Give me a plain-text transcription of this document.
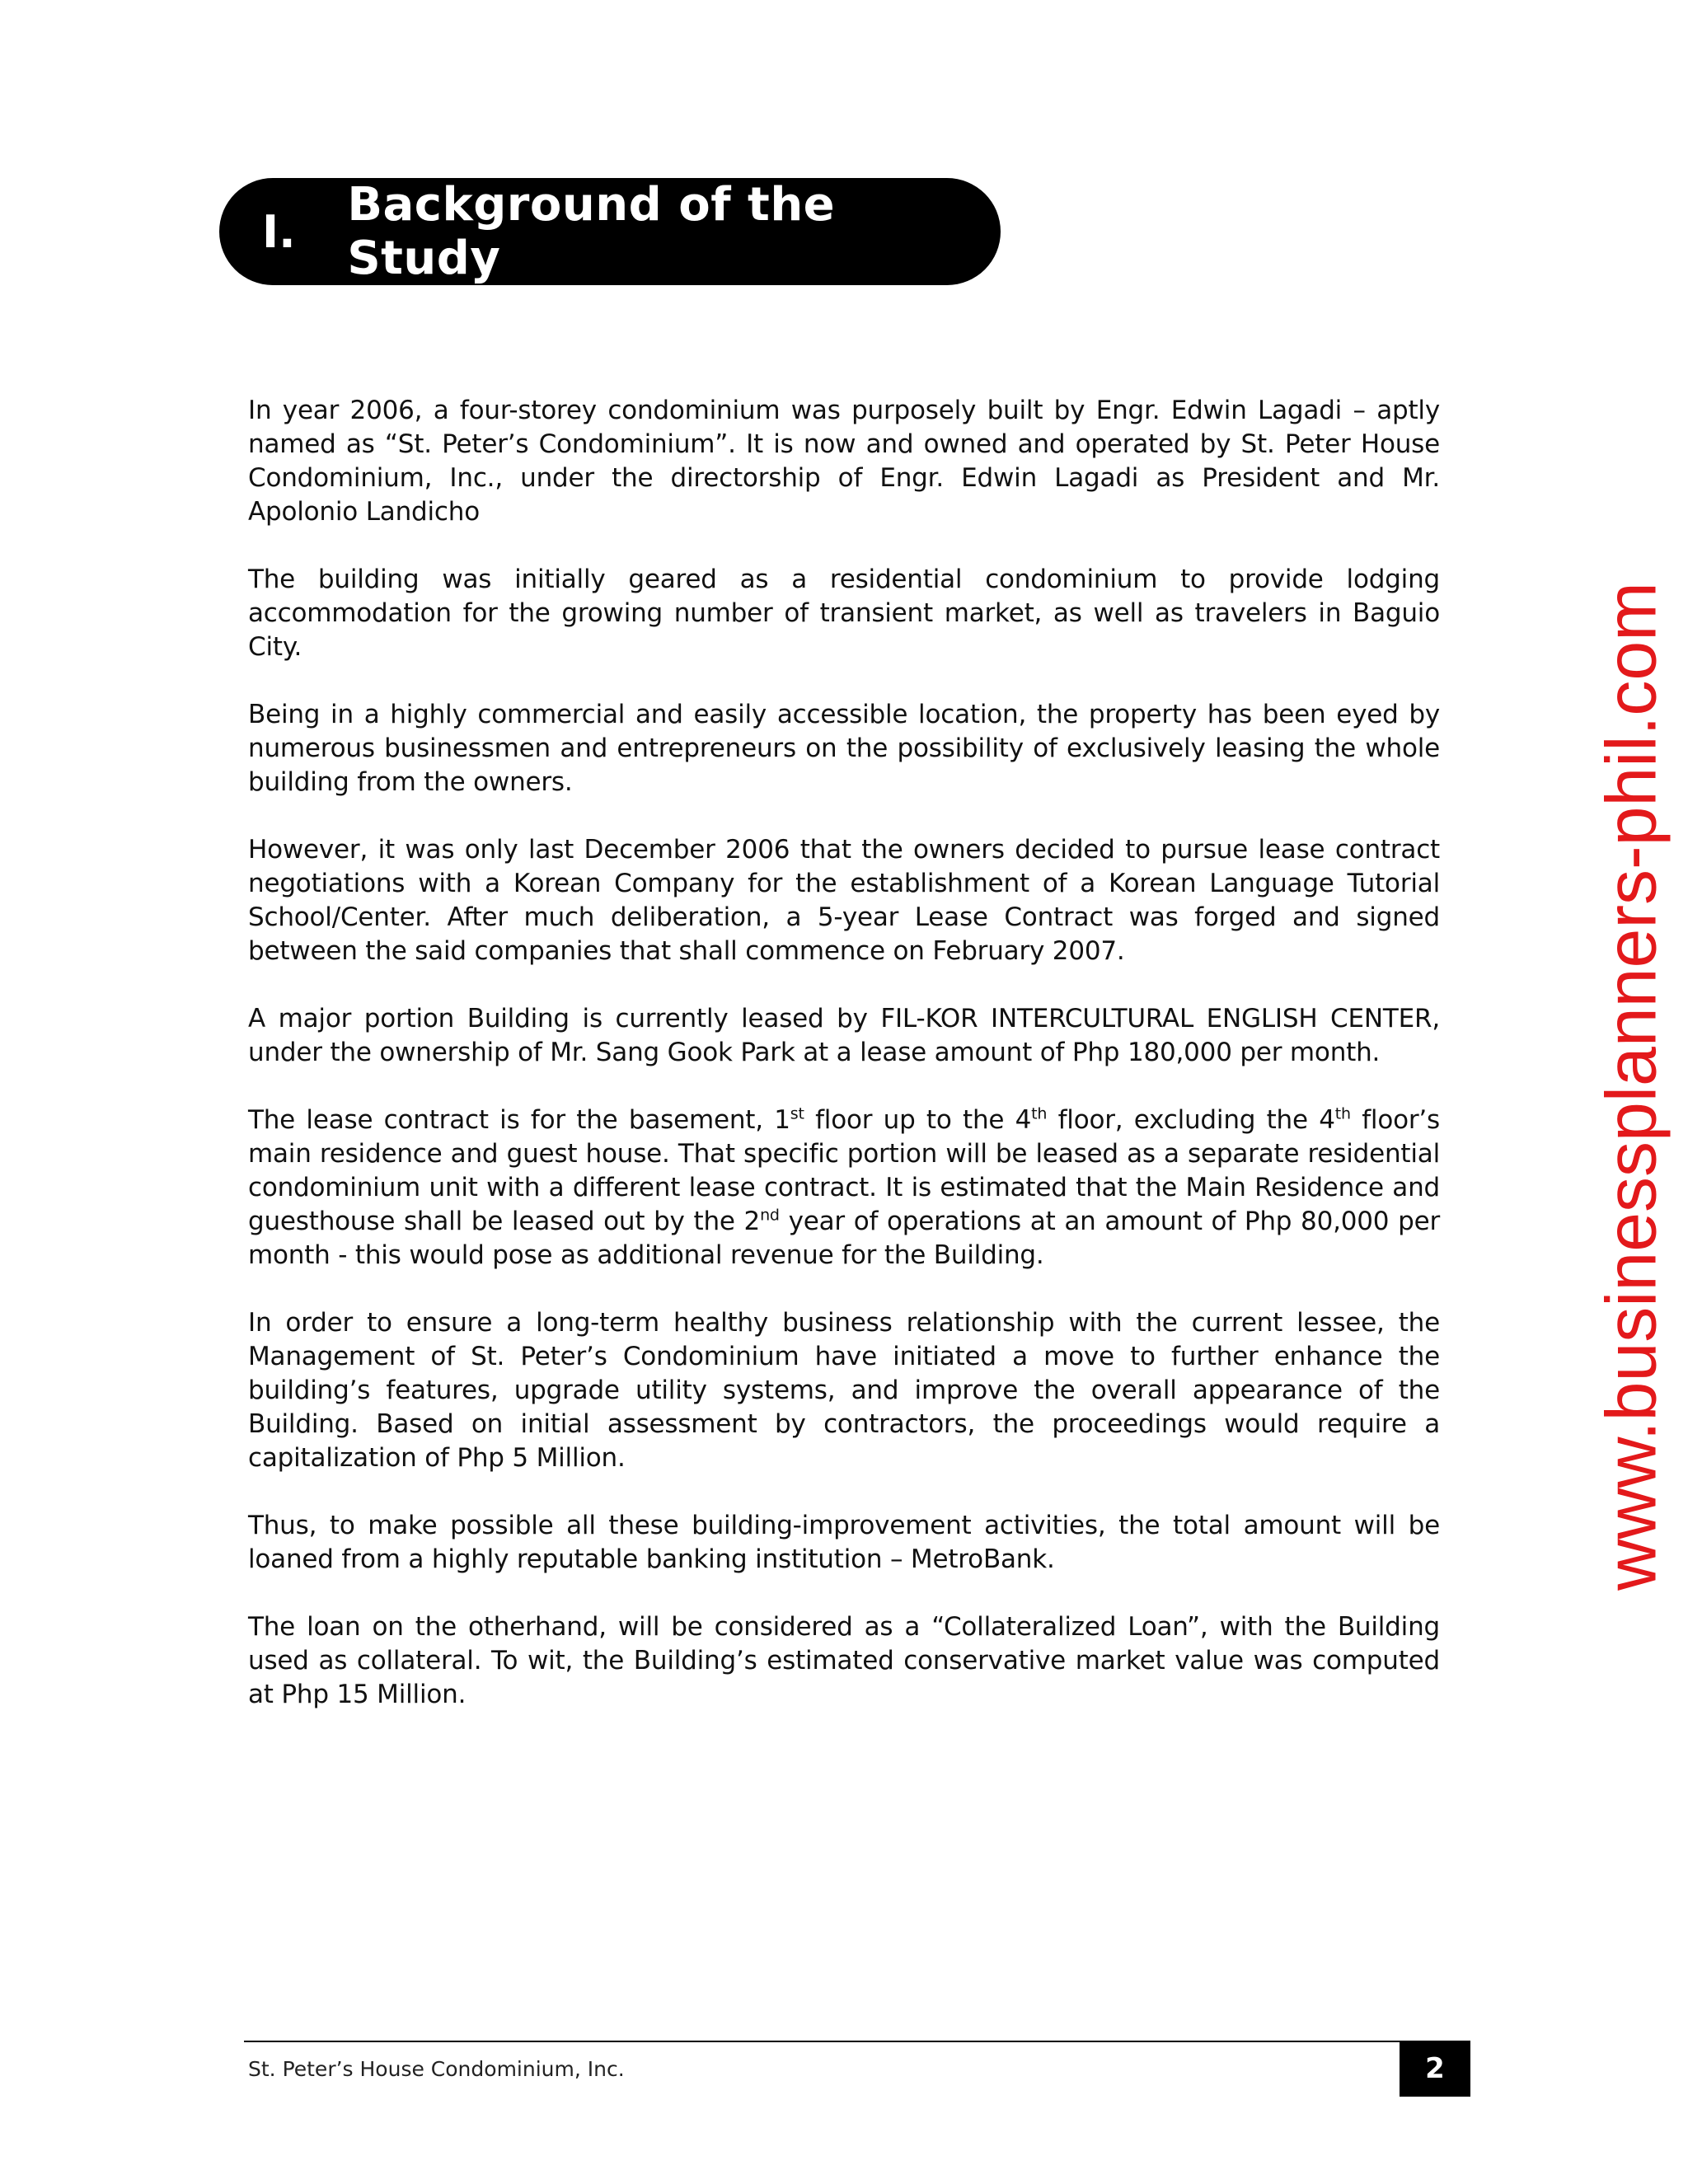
I.	Background of the Study

In year 2006, a four-storey condominium was purposely built by Engr. Edwin Lagadi – aptly named as “St. Peter’s Condominium”. It is now and owned and operated by St. Peter House Condominium, Inc., under the directorship of Engr. Edwin Lagadi as President and Mr. Apolonio Landicho

The building was initially geared as a residential condominium to provide lodging accommodation for the growing number of transient market, as well as travelers in Baguio City.

Being in a highly commercial and easily accessible location, the property has been eyed by numerous businessmen and entrepreneurs on the possibility of exclusively leasing the whole building from the owners.

However, it was only last December 2006 that the owners decided to pursue lease contract negotiations with a Korean Company for the establishment of a Korean Language Tutorial School/Center. After much deliberation, a 5-year Lease Contract was forged and signed between the said companies that shall commence on February 2007.

A major portion Building is currently leased by FIL-KOR INTERCULTURAL ENGLISH CENTER, under the ownership of Mr. Sang Gook Park at a lease amount of Php 180,000 per month.

The lease contract is for the basement, 1st floor up to the 4th floor, excluding the 4th floor’s main residence and guest house. That specific portion will be leased as a separate residential condominium unit with a different lease contract. It is estimated that the Main Residence and guesthouse shall be leased out by the 2nd year of operations at an amount of Php 80,000 per month - this would pose as additional revenue for the Building.

In order to ensure a long-term healthy business relationship with the current lessee, the Management of St. Peter’s Condominium have initiated a move to further enhance the building’s features, upgrade utility systems, and improve the overall appearance of the Building. Based on initial assessment by contractors, the proceedings would require a capitalization of Php 5 Million.

Thus, to make possible all these building-improvement activities, the total amount will be loaned from a highly reputable banking institution – MetroBank.

The loan on the otherhand, will be considered as a “Collateralized Loan”, with the Building used as collateral. To wit, the Building’s estimated conservative market value was computed at Php 15 Million.

www.businessplanners-phil.com
St. Peter’s House Condominium, Inc.	2
